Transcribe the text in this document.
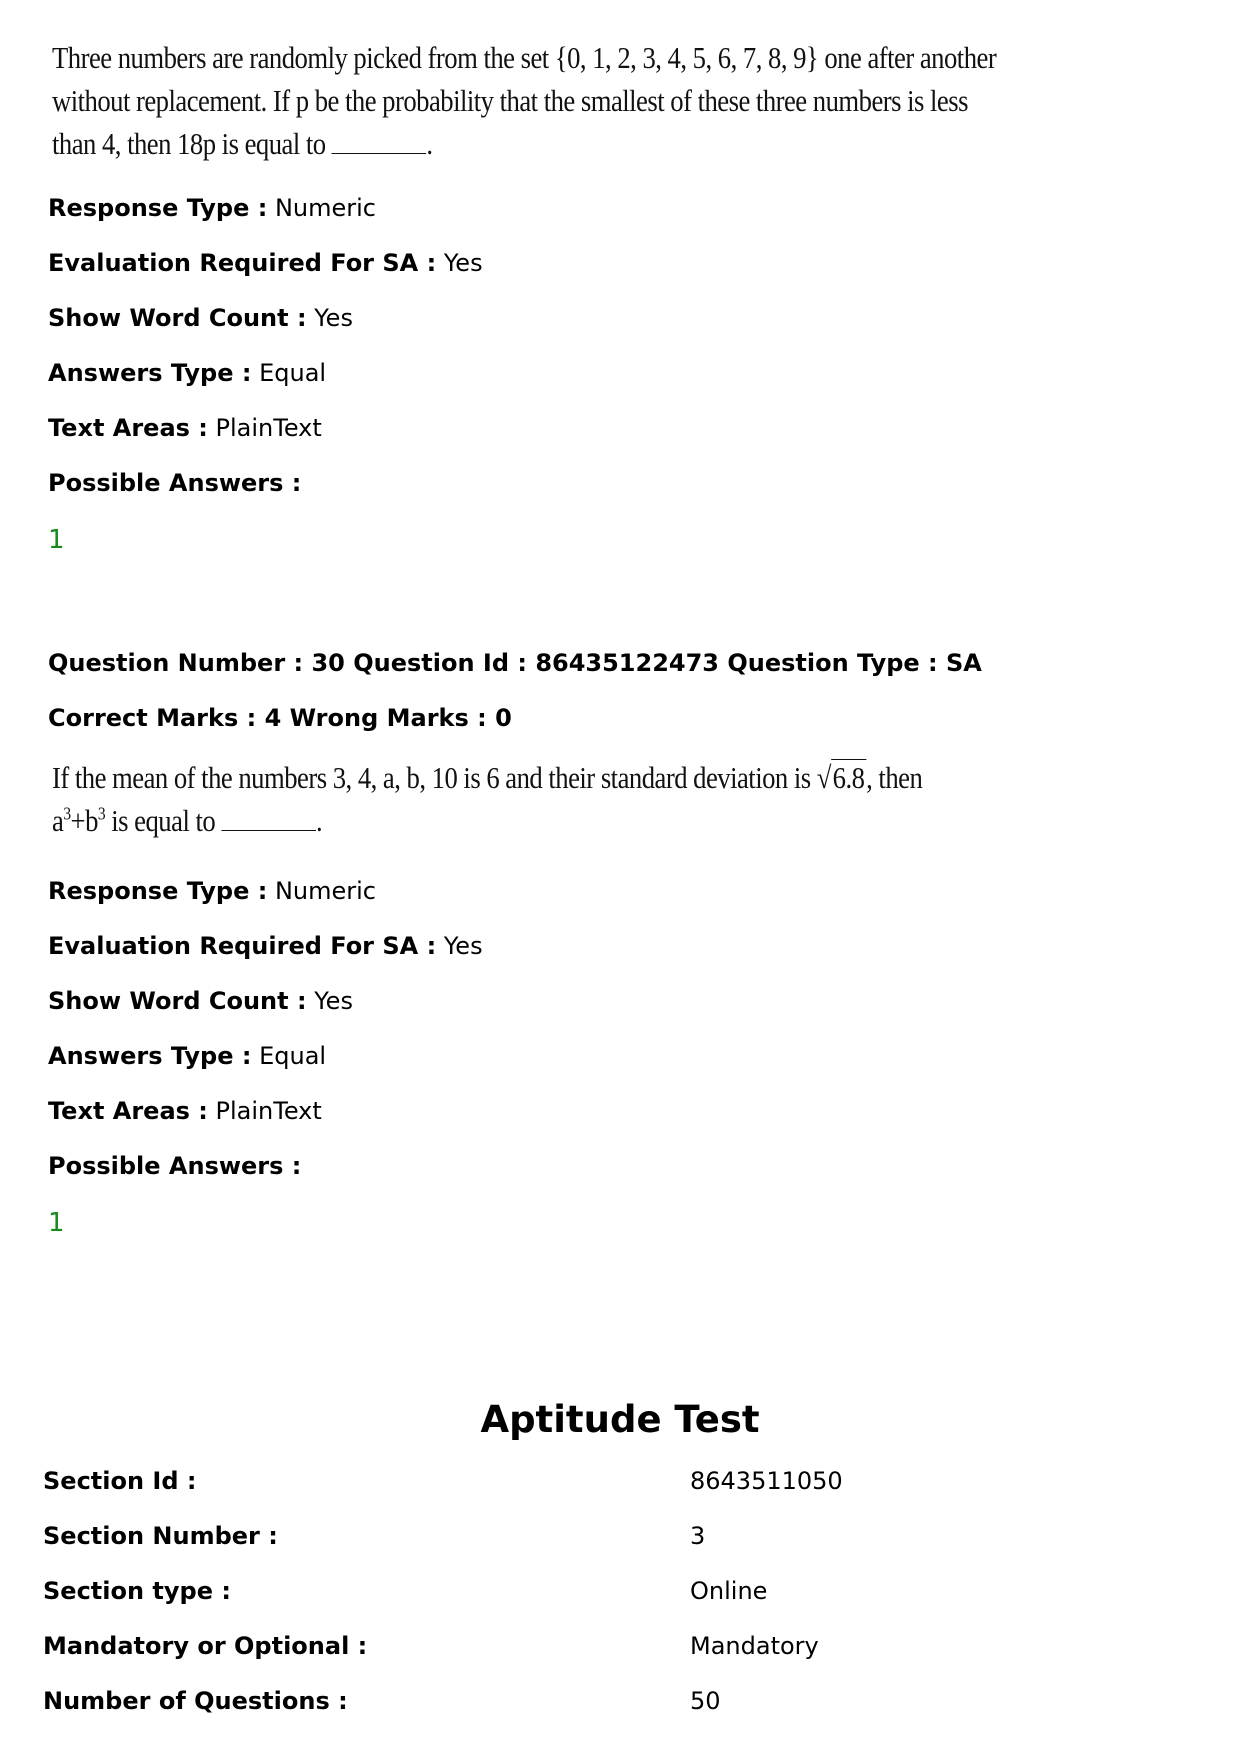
Three numbers are randomly picked from the set {0, 1, 2, 3, 4, 5, 6, 7, 8, 9} one after another
without replacement. If p be the probability that the smallest of these three numbers is less
than 4, then 18p is equal to	.
Response Type : Numeric
Evaluation Required For SA : Yes
Show Word Count : Yes
Answers Type : Equal
Text Areas : PlainText
Possible Answers :
1
Question Number : 30 Question Id : 86435122473 Question Type : SA
Correct Marks : 4 Wrong Marks : 0
If the mean of the numbers 3, 4, a, b, 10 is 6 and their standard deviation is √6.8, then
$a^3+b^3$ is equal to	.
Response Type : Numeric
Evaluation Required For SA : Yes
Show Word Count : Yes
Answers Type : Equal
Text Areas : PlainText
Possible Answers :
1
Aptitude Test
Section Id :	8643511050
Section Number :	3
Section type :	Online
Mandatory or Optional :	Mandatory
Number of Questions :	50
